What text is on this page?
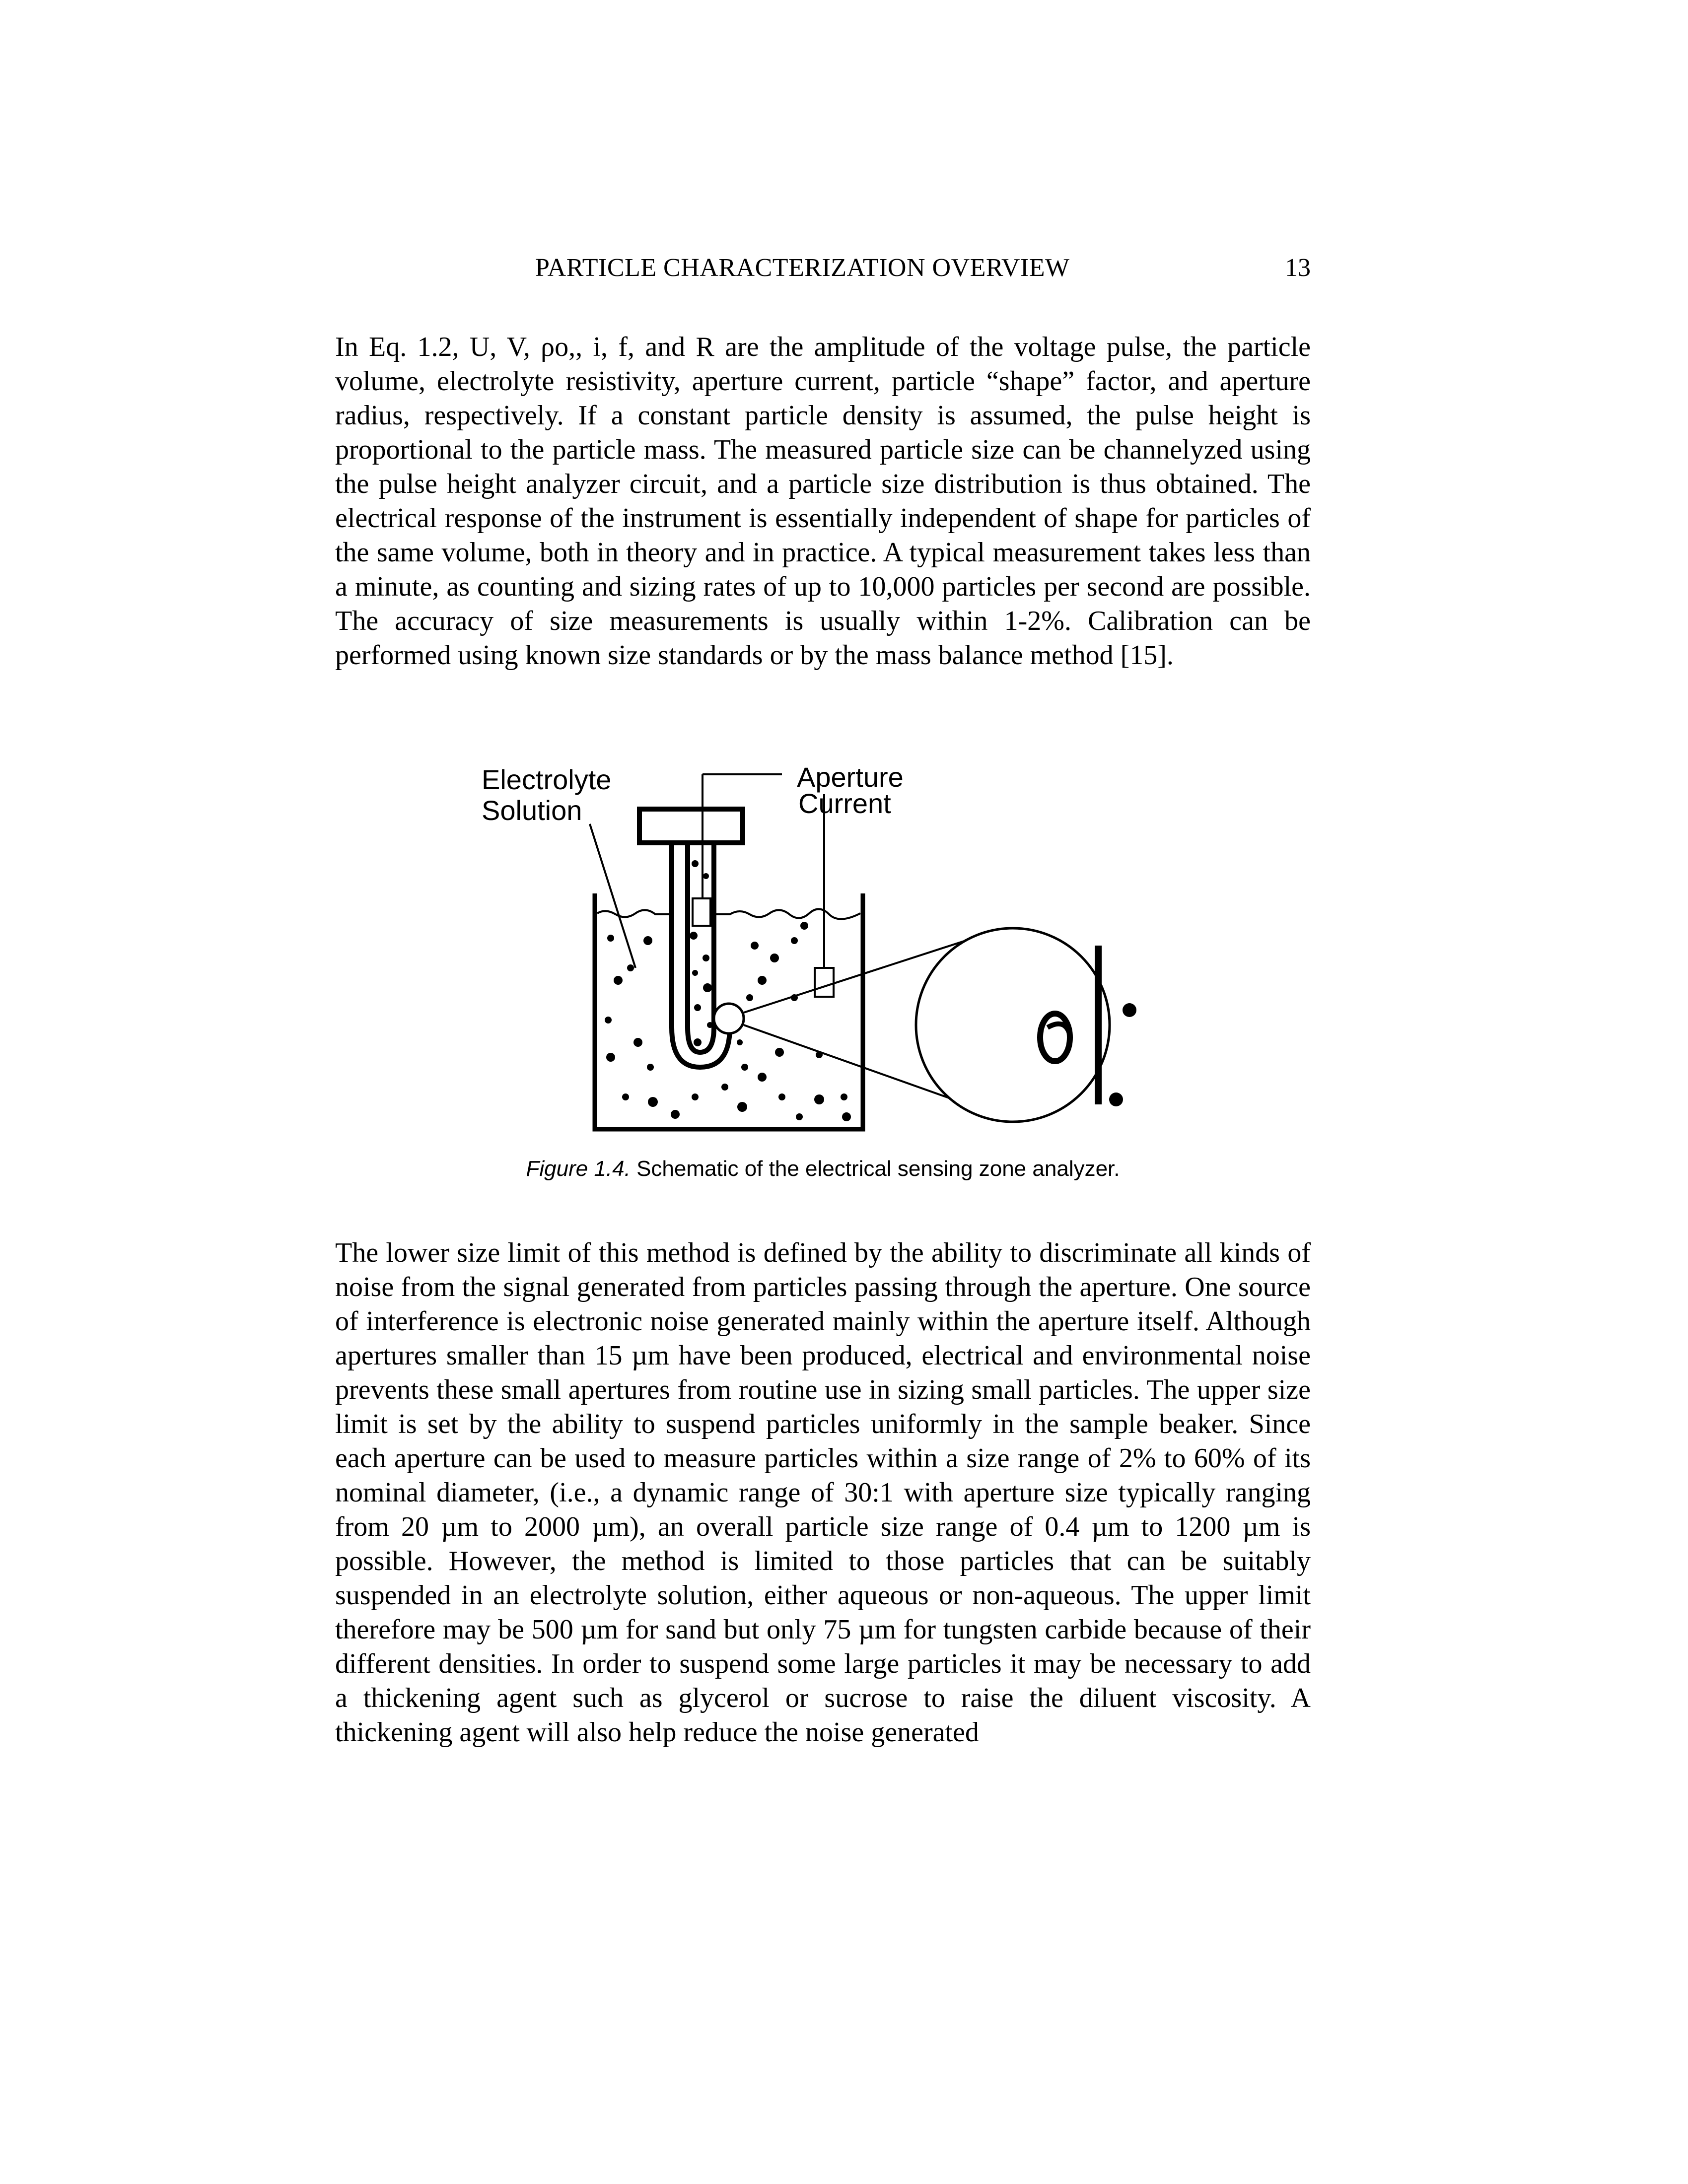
PARTICLE CHARACTERIZATION OVERVIEW	13

In Eq. 1.2, U, V, ρo,, i, f, and R are the amplitude of the voltage pulse, the particle volume, electrolyte resistivity, aperture current, particle “shape” factor, and aperture radius, respectively. If a constant particle density is assumed, the pulse height is proportional to the particle mass. The measured particle size can be channelyzed using the pulse height analyzer circuit, and a particle size distribution is thus obtained. The electrical response of the instrument is essentially independent of shape for particles of the same volume, both in theory and in practice. A typical measurement takes less than a minute, as counting and sizing rates of up to 10,000 particles per second are possible. The accuracy of size measurements is usually within 1-2%. Calibration can be performed using known size standards or by the mass balance method [15].

Electrolyte
Solution
Aperture
Current
Figure 1.4. Schematic of the electrical sensing zone analyzer.

The lower size limit of this method is defined by the ability to discriminate all kinds of noise from the signal generated from particles passing through the aperture. One source of interference is electronic noise generated mainly within the aperture itself. Although apertures smaller than 15 µm have been produced, electrical and environmental noise prevents these small apertures from routine use in sizing small particles. The upper size limit is set by the ability to suspend particles uniformly in the sample beaker. Since each aperture can be used to measure particles within a size range of 2% to 60% of its nominal diameter, (i.e., a dynamic range of 30:1 with aperture size typically ranging from 20 µm to 2000 µm), an overall particle size range of 0.4 µm to 1200 µm is possible. However, the method is limited to those particles that can be suitably suspended in an electrolyte solution, either aqueous or non-aqueous. The upper limit therefore may be 500 µm for sand but only 75 µm for tungsten carbide because of their different densities. In order to suspend some large particles it may be necessary to add a thickening agent such as glycerol or sucrose to raise the diluent viscosity. A thickening agent will also help reduce the noise generated
